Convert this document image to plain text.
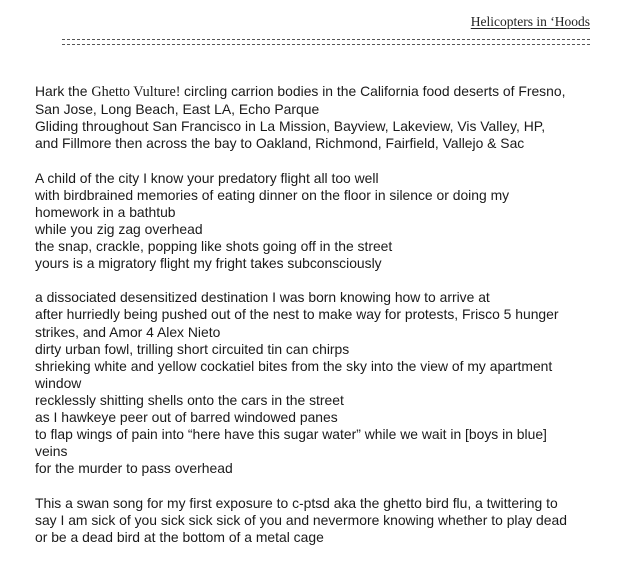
Helicopters in ‘Hoods
Hark the Ghetto Vulture! circling carrion bodies in the California food deserts of Fresno,
San Jose, Long Beach, East LA, Echo Parque
Gliding throughout San Francisco in La Mission, Bayview, Lakeview, Vis Valley, HP,
and Fillmore then across the bay to Oakland, Richmond, Fairfield, Vallejo & Sac
A child of the city I know your predatory flight all too well
with birdbrained memories of eating dinner on the floor in silence or doing my
homework in a bathtub
while you zig zag overhead
the snap, crackle, popping like shots going off in the street
yours is a migratory flight my fright takes subconsciously
a dissociated desensitized destination I was born knowing how to arrive at
after hurriedly being pushed out of the nest to make way for protests, Frisco 5 hunger
strikes, and Amor 4 Alex Nieto
dirty urban fowl, trilling short circuited tin can chirps
shrieking white and yellow cockatiel bites from the sky into the view of my apartment
window
recklessly shitting shells onto the cars in the street
as I hawkeye peer out of barred windowed panes
to flap wings of pain into “here have this sugar water” while we wait in [boys in blue]
veins
for the murder to pass overhead
This a swan song for my first exposure to c-ptsd aka the ghetto bird flu, a twittering to
say I am sick of you sick sick sick of you and nevermore knowing whether to play dead
or be a dead bird at the bottom of a metal cage
